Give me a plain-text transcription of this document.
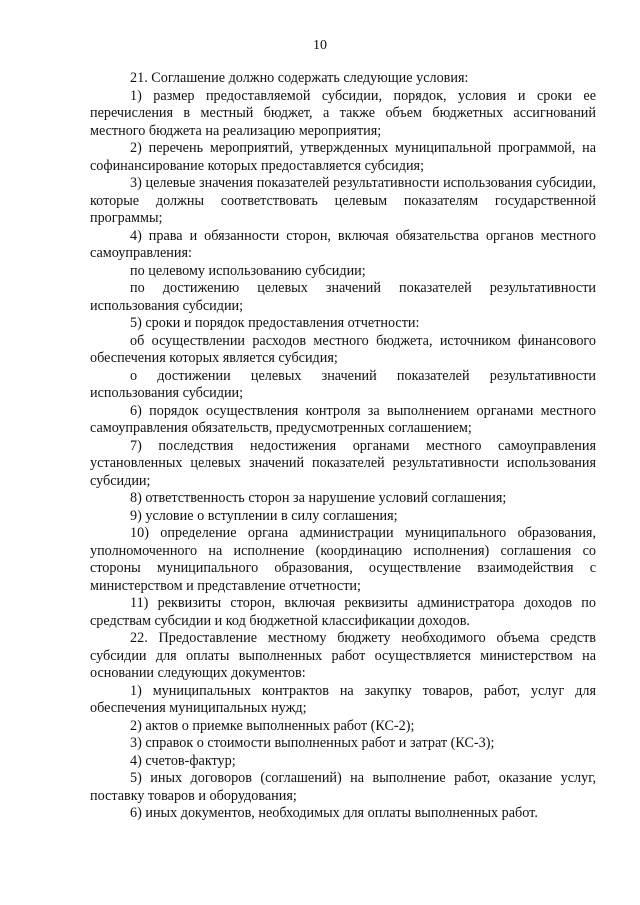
10

21. Соглашение должно содержать следующие условия:

1) размер предоставляемой субсидии, порядок, условия и сроки ее перечисления в местный бюджет, а также объем бюджетных ассигнований местного бюджета на реализацию мероприятия;

2) перечень мероприятий, утвержденных муниципальной программой, на софинансирование которых предоставляется субсидия;

3) целевые значения показателей результативности использования субсидии, которые должны соответствовать целевым показателям государственной программы;

4) права и обязанности сторон, включая обязательства органов местного самоуправления:

по целевому использованию субсидии;

по достижению целевых значений показателей результативности использования субсидии;

5) сроки и порядок предоставления отчетности:

об осуществлении расходов местного бюджета, источником финансового обеспечения которых является субсидия;

о достижении целевых значений показателей результативности использования субсидии;

6) порядок осуществления контроля за выполнением органами местного самоуправления обязательств, предусмотренных соглашением;

7) последствия недостижения органами местного самоуправления установленных целевых значений показателей результативности использования субсидии;

8) ответственность сторон за нарушение условий соглашения;

9) условие о вступлении в силу соглашения;

10) определение органа администрации муниципального образования, уполномоченного на исполнение (координацию исполнения) соглашения со стороны муниципального образования, осуществление взаимодействия с министерством и представление отчетности;

11) реквизиты сторон, включая реквизиты администратора доходов по средствам субсидии и код бюджетной классификации доходов.

22. Предоставление местному бюджету необходимого объема средств субсидии для оплаты выполненных работ осуществляется министерством на основании следующих документов:

1) муниципальных контрактов на закупку товаров, работ, услуг для обеспечения муниципальных нужд;

2) актов о приемке выполненных работ (КС-2);

3) справок о стоимости выполненных работ и затрат (КС-3);

4) счетов-фактур;

5) иных договоров (соглашений) на выполнение работ, оказание услуг, поставку товаров и оборудования;

6) иных документов, необходимых для оплаты выполненных работ.
